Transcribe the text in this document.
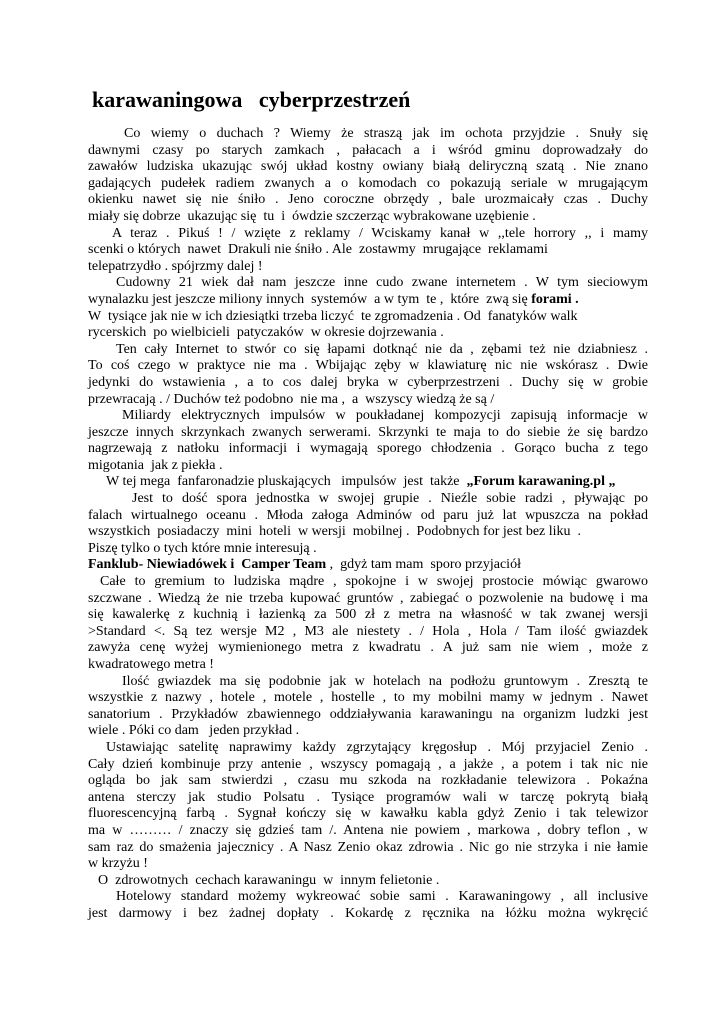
karawaningowa   cyberprzestrzeń
Co wiemy o duchach ? Wiemy że straszą jak im ochota przyjdzie . Snuły się
dawnymi czasy po starych zamkach , pałacach a i wśród gminu doprowadzały do
zawałów ludziska ukazując swój układ kostny owiany białą deliryczną szatą . Nie znano
gadających pudełek radiem zwanych a o komodach co pokazują seriale w mrugającym
okienku nawet się nie śniło . Jeno coroczne obrzędy , bale urozmaicały czas . Duchy
miały się dobrze  ukazując się  tu  i  ówdzie szczerząc wybrakowane uzębienie .
A teraz . Pikuś ! / wzięte z reklamy / Wciskamy kanał w ,,tele horrory ,, i mamy
scenki o których  nawet  Drakuli nie śniło . Ale  zostawmy  mrugające  reklamami
telepatrzydło . spójrzmy dalej !
Cudowny 21 wiek dał nam jeszcze inne cudo zwane internetem . W tym sieciowym
wynalazku jest jeszcze miliony innych  systemów  a w tym  te ,  które  zwą się forami .
W  tysiące jak nie w ich dziesiątki trzeba liczyć  te zgromadzenia . Od  fanatyków walk
rycerskich  po wielbicieli  patyczaków  w okresie dojrzewania .
Ten cały Internet to stwór co się łapami dotknąć nie da , zębami też nie dziabniesz .
To coś czego w praktyce nie ma . Wbijając zęby w klawiaturę nic nie wskórasz . Dwie
jedynki do wstawienia , a to cos dalej bryka w cyberprzestrzeni . Duchy się w grobie
przewracają . / Duchów też podobno  nie ma ,  a  wszyscy wiedzą że są /
Miliardy elektrycznych impulsów w poukładanej kompozycji zapisują informacje w
jeszcze innych skrzynkach zwanych serwerami. Skrzynki te maja to do siebie że się bardzo
nagrzewają z natłoku informacji i wymagają sporego chłodzenia . Gorąco bucha z tego
migotania  jak z piekła .
W tej mega  fanfaronadzie pluskających   impulsów  jest  także  „Forum karawaning.pl „
Jest to dość spora jednostka w swojej grupie . Nieźle sobie radzi , pływając po
falach wirtualnego oceanu . Młoda załoga Adminów od paru już lat wpuszcza na pokład
wszystkich  posiadaczy  mini  hoteli  w wersji  mobilnej .  Podobnych for jest bez liku  .
Piszę tylko o tych które mnie interesują .
Fanklub- Niewiadówek i  Camper Team ,  gdyż tam mam  sporo przyjaciół
Całe to gremium to ludziska mądre , spokojne i w swojej prostocie mówiąc gwarowo
szczwane . Wiedzą że nie trzeba kupować gruntów , zabiegać o pozwolenie na budowę i ma
się kawalerkę z kuchnią i łazienką za 500 zł z metra na własność w tak zwanej wersji
>Standard <. Są tez wersje M2 , M3 ale niestety . / Hola , Hola / Tam ilość gwiazdek
zawyża cenę wyżej wymienionego metra z kwadratu . A już sam nie wiem , może z
kwadratowego metra !
Ilość gwiazdek ma się podobnie jak w hotelach na podłożu gruntowym . Zresztą te
wszystkie z nazwy , hotele , motele , hostelle , to my mobilni mamy w jednym . Nawet
sanatorium . Przykładów zbawiennego oddziaływania karawaningu na organizm ludzki jest
wiele . Póki co dam   jeden przykład .
Ustawiając satelitę naprawimy każdy zgrzytający kręgosłup . Mój przyjaciel Zenio .
Cały dzień kombinuje przy antenie , wszyscy pomagają , a jakże , a potem i tak nic nie
ogląda bo jak sam stwierdzi , czasu mu szkoda na rozkładanie telewizora . Pokaźna
antena sterczy jak studio Polsatu . Tysiące programów wali w tarczę pokrytą białą
fluorescencyjną farbą . Sygnał kończy się w kawałku kabla gdyż Zenio i tak telewizor
ma w ……… / znaczy się gdzieś tam /. Antena nie powiem , markowa , dobry teflon , w
sam raz do smażenia jajecznicy . A Nasz Zenio okaz zdrowia . Nic go nie strzyka i nie łamie
w krzyżu !
O  zdrowotnych  cechach karawaningu  w  innym felietonie .
Hotelowy standard możemy wykreować sobie sami . Karawaningowy , all inclusive
jest darmowy i bez żadnej dopłaty . Kokardę z ręcznika na łóżku można wykręcić
